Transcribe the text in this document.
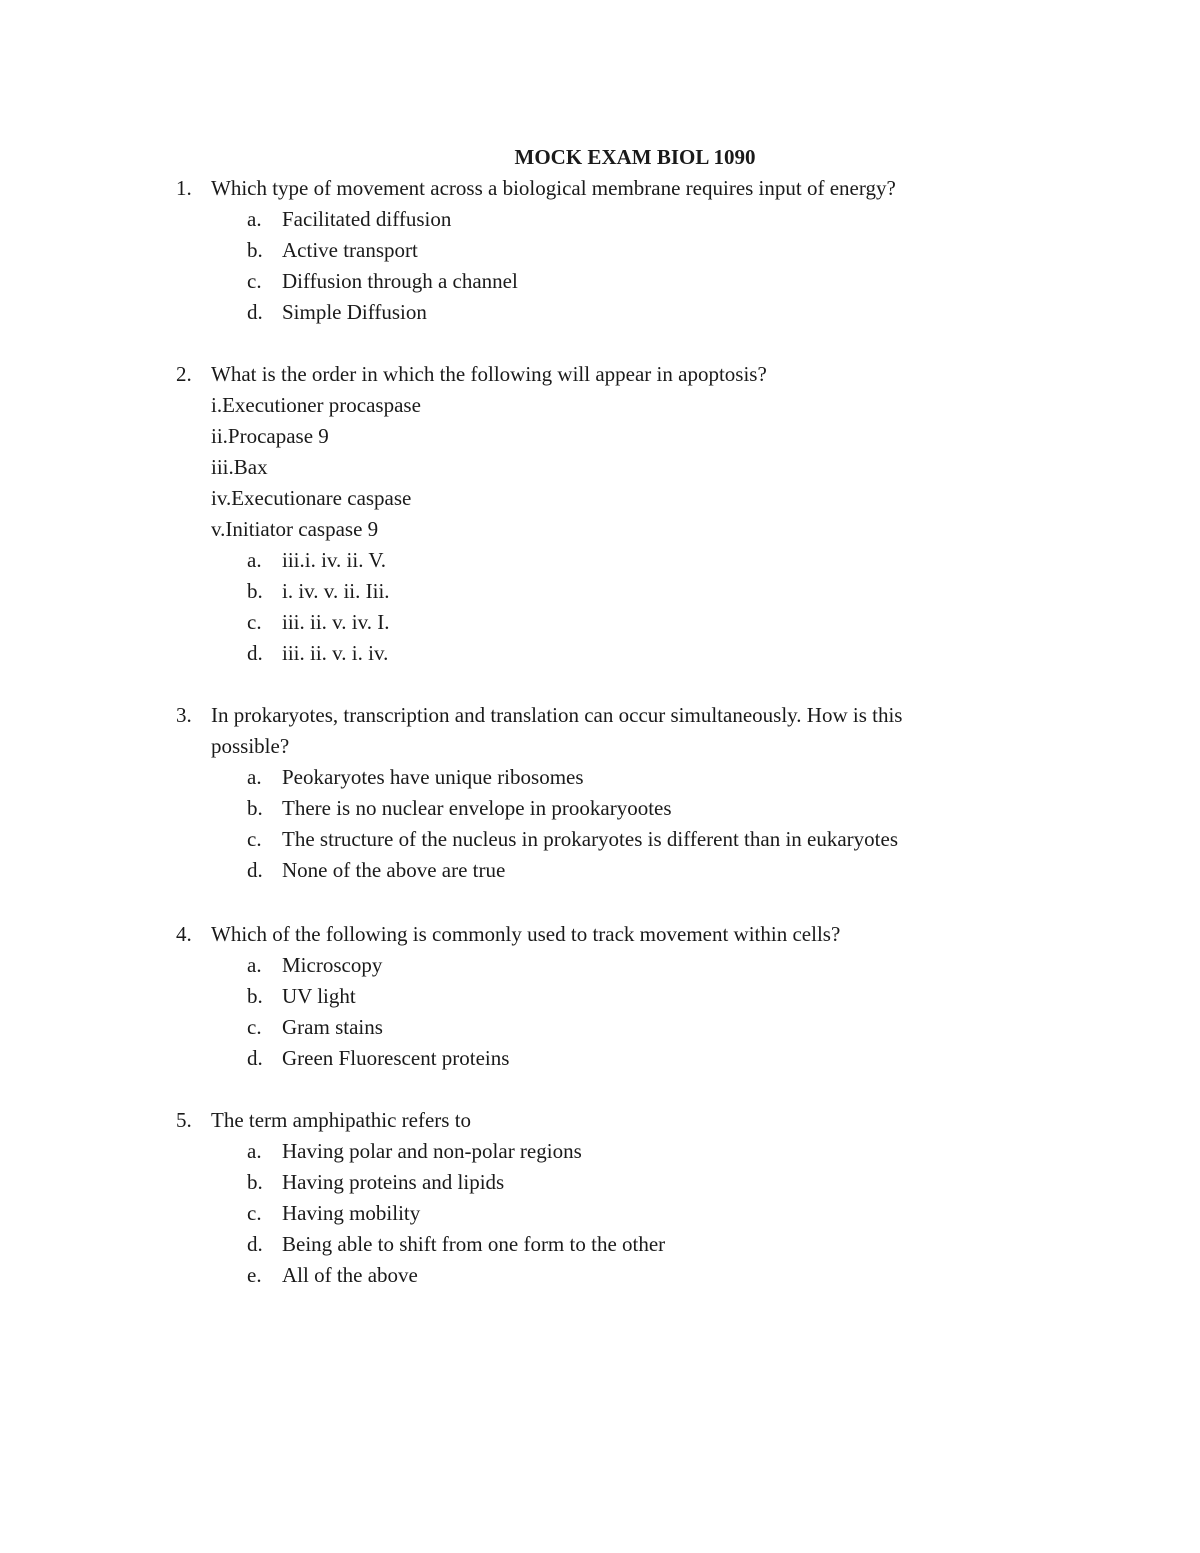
MOCK EXAM BIOL 1090
1. Which type of movement across a biological membrane requires input of energy?
a. Facilitated diffusion
b. Active transport
c. Diffusion through a channel
d. Simple Diffusion
2. What is the order in which the following will appear in apoptosis?
i.Executioner procaspase
ii.Procapase 9
iii.Bax
iv.Executionare caspase
v.Initiator caspase 9
a. iii.i. iv. ii. V.
b. i. iv. v. ii. Iii.
c. iii. ii. v. iv. I.
d. iii. ii. v. i. iv.
3. In prokaryotes, transcription and translation can occur simultaneously. How is this
possible?
a. Peokaryotes have unique ribosomes
b. There is no nuclear envelope in prookaryootes
c. The structure of the nucleus in prokaryotes is different than in eukaryotes
d. None of the above are true
4. Which of the following is commonly used to track movement within cells?
a. Microscopy
b. UV light
c. Gram stains
d. Green Fluorescent proteins
5. The term amphipathic refers to
a. Having polar and non-polar regions
b. Having proteins and lipids
c. Having mobility
d. Being able to shift from one form to the other
e. All of the above
